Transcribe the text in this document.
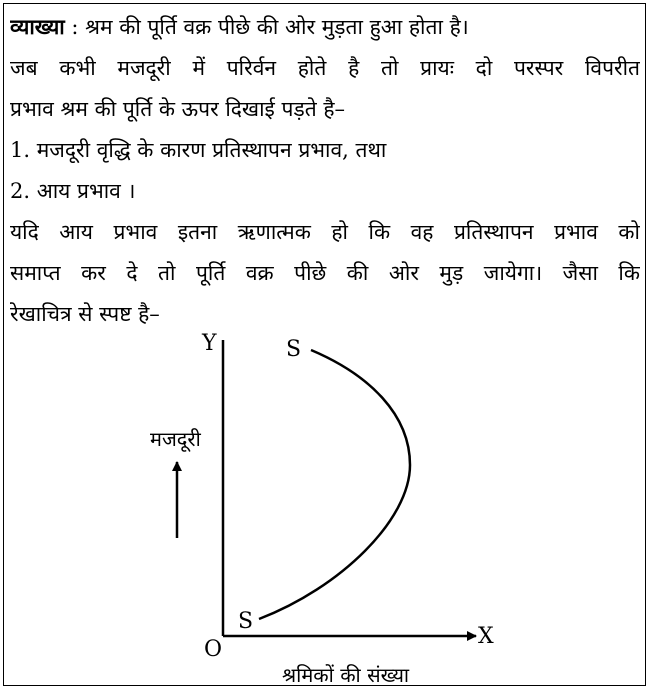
व्याख्या : श्रम की पूर्ति वक्र पीछे की ओर मुड़ता हुआ होता है।
जब कभी मजदूरी में परिर्वन होते है तो प्रायः दो परस्पर विपरीत
प्रभाव श्रम की पूर्ति के ऊपर दिखाई पड़ते है–
1. मजदूरी वृद्धि के कारण प्रतिस्थापन प्रभाव, तथा
2. आय प्रभाव ।
यदि आय प्रभाव इतना ऋणात्मक हो कि वह प्रतिस्थापन प्रभाव को
समाप्त कर दे तो पूर्ति वक्र पीछे की ओर मुड़ जायेगा। जैसा कि
रेखाचित्र से स्पष्ट है–
Y
X
O
S
S
मजदूरी
श्रमिकों की संख्या
